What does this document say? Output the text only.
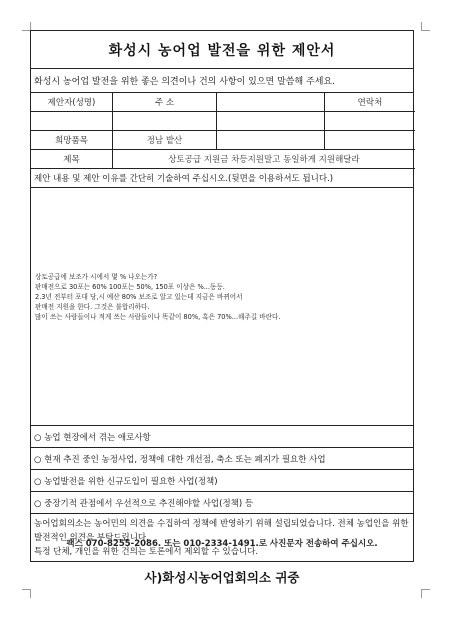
화성시 농어업 발전을 위한 제안서
화성시 농어업 발전을 위한 좋은 의견이나 건의 사항이 있으면 말씀해 주세요.
제안자(성명)	주 소	연락처
희망품목	정남 밭산
제목	상토공급 지원금 차등지원말고 동일하게 지원해달라
제안 내용 및 제안 이유를 간단히 기술하여 주십시오.(뒷면을 이용하셔도 됩니다.)
상토공급에 보조가 시에서 몇 % 나오는가?
판매전으로 30포는 60% 100포는 50%, 150포 이상은 %...동등.
2.3년 전부터 포대 당,시 예산 80% 보조로 알고 있는데 지금은 바뀌어서
판매전 지원을 한다. 그것은 불합리하다.
많이 쓰는 사람들이나 적게 쓰는 사람들이나 똑같이 80%, 혹은 70%...해주길 바란다.
○ 농업 현장에서 겪는 애로사항
○ 현재 추진 중인 농정사업, 정책에 대한 개선점, 축소 또는 폐지가 필요한 사업
○ 농업발전을 위한 신규도입이 필요한 사업(정책)
○ 중장기적 관점에서 우선적으로 추진해야할 사업(정책) 등
농어업회의소는 농어민의 의견을 수집하여 정책에 반영하기 위해 설립되었습니다. 전체 농업인을 위한 발전적인 의견을 부탁드립니다.
특정 단체, 개인을 위한 건의는 토론에서 제외할 수 있습니다.
팩스 070-8255-2086. 또는 010-2334-1491.로 사진문자 전송하여 주십시오.
사)화성시농어업회의소 귀중
